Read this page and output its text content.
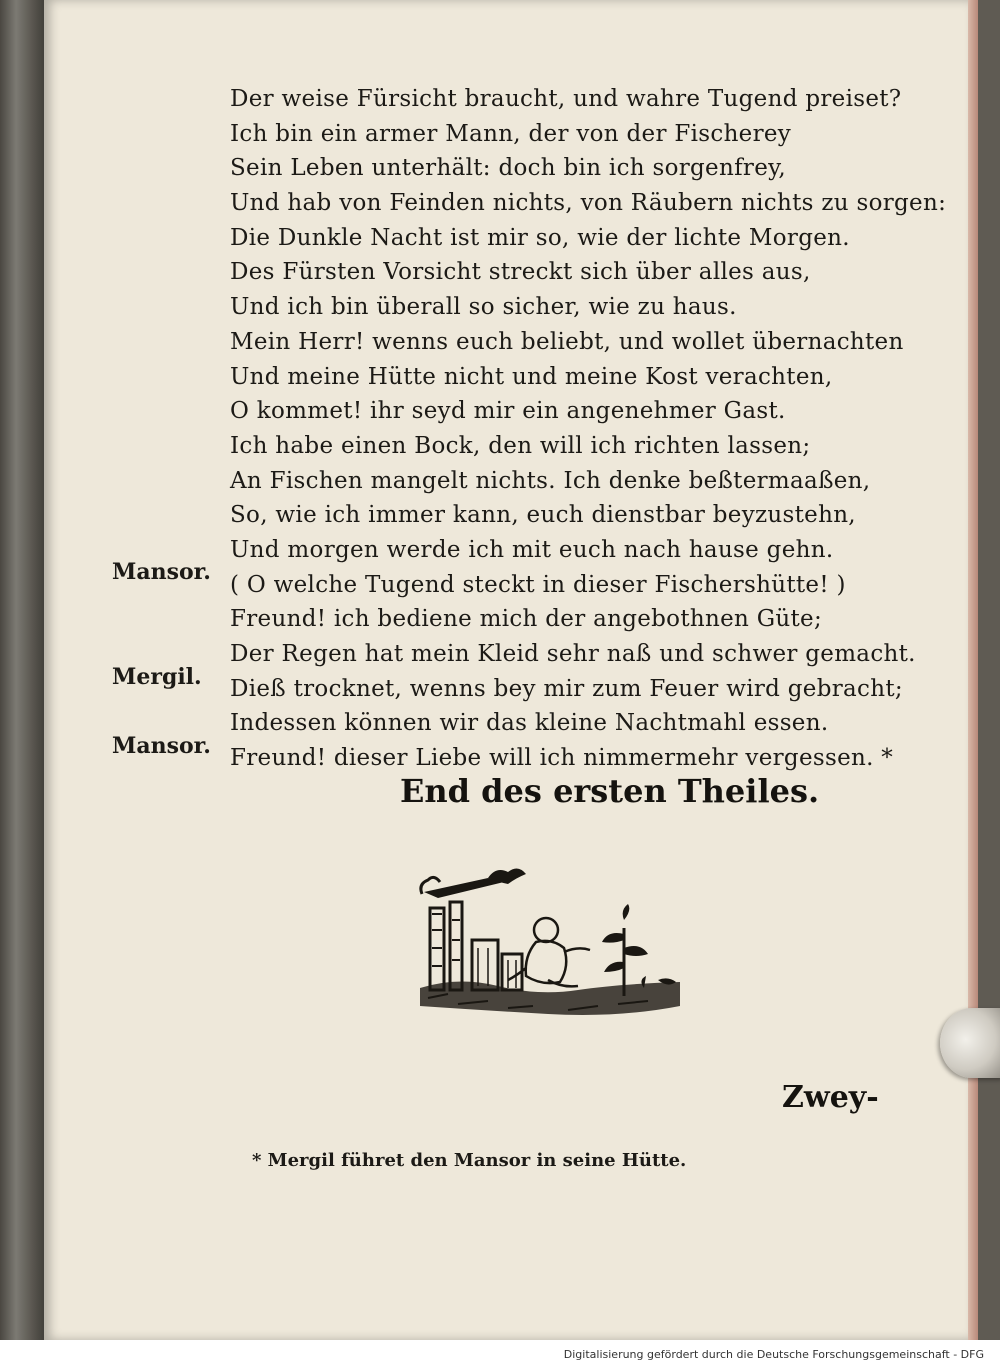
Der weise Fürsicht braucht, und wahre Tugend preiset?
Ich bin ein armer Mann, der von der Fischerey
Sein Leben unterhält: doch bin ich sorgenfrey,
Und hab von Feinden nichts, von Räubern nichts zu sorgen:
Die Dunkle Nacht ist mir so, wie der lichte Morgen.
Des Fürsten Vorsicht streckt sich über alles aus,
Und ich bin überall so sicher, wie zu haus.
Mein Herr! wenns euch beliebt, und wollet übernachten
Und meine Hütte nicht und meine Kost verachten,
O kommet! ihr seyd mir ein angenehmer Gast.
Ich habe einen Bock, den will ich richten lassen;
An Fischen mangelt nichts. Ich denke beßtermaaßen,
So, wie ich immer kann, euch dienstbar beyzustehn,
Und morgen werde ich mit euch nach hause gehn.
( O welche Tugend steckt in dieser Fischershütte! )
Freund! ich bediene mich der angebothnen Güte;
Der Regen hat mein Kleid sehr naß und schwer gemacht.
Dieß trocknet, wenns bey mir zum Feuer wird gebracht;
Indessen können wir das kleine Nachtmahl essen.
Freund! dieser Liebe will ich nimmermehr vergessen. *
Mansor.
Mergil.
Mansor.
End des ersten Theiles.
Zwey-
* Mergil führet den Mansor in seine Hütte.
Digitalisierung gefördert durch die Deutsche Forschungsgemeinschaft - DFG
